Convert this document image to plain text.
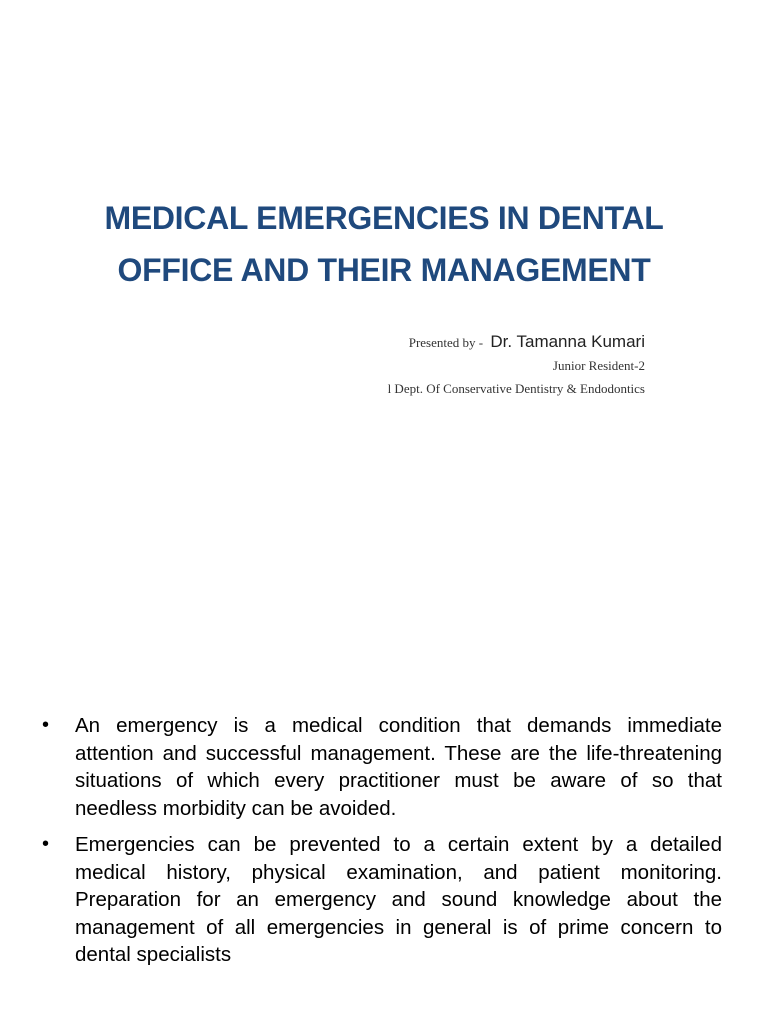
MEDICAL EMERGENCIES IN DENTAL
OFFICE AND THEIR MANAGEMENT
Presented by - Dr. Tamanna Kumari
Junior Resident-2
l Dept. Of Conservative Dentistry & Endodontics
• An emergency is a medical condition that demands immediate attention and successful management. These are the life-threatening situations of which every practitioner must be aware of so that needless morbidity can be avoided.
• Emergencies can be prevented to a certain extent by a detailed medical history, physical examination, and patient monitoring. Preparation for an emergency and sound knowledge about the management of all emergencies in general is of prime concern to dental specialists
